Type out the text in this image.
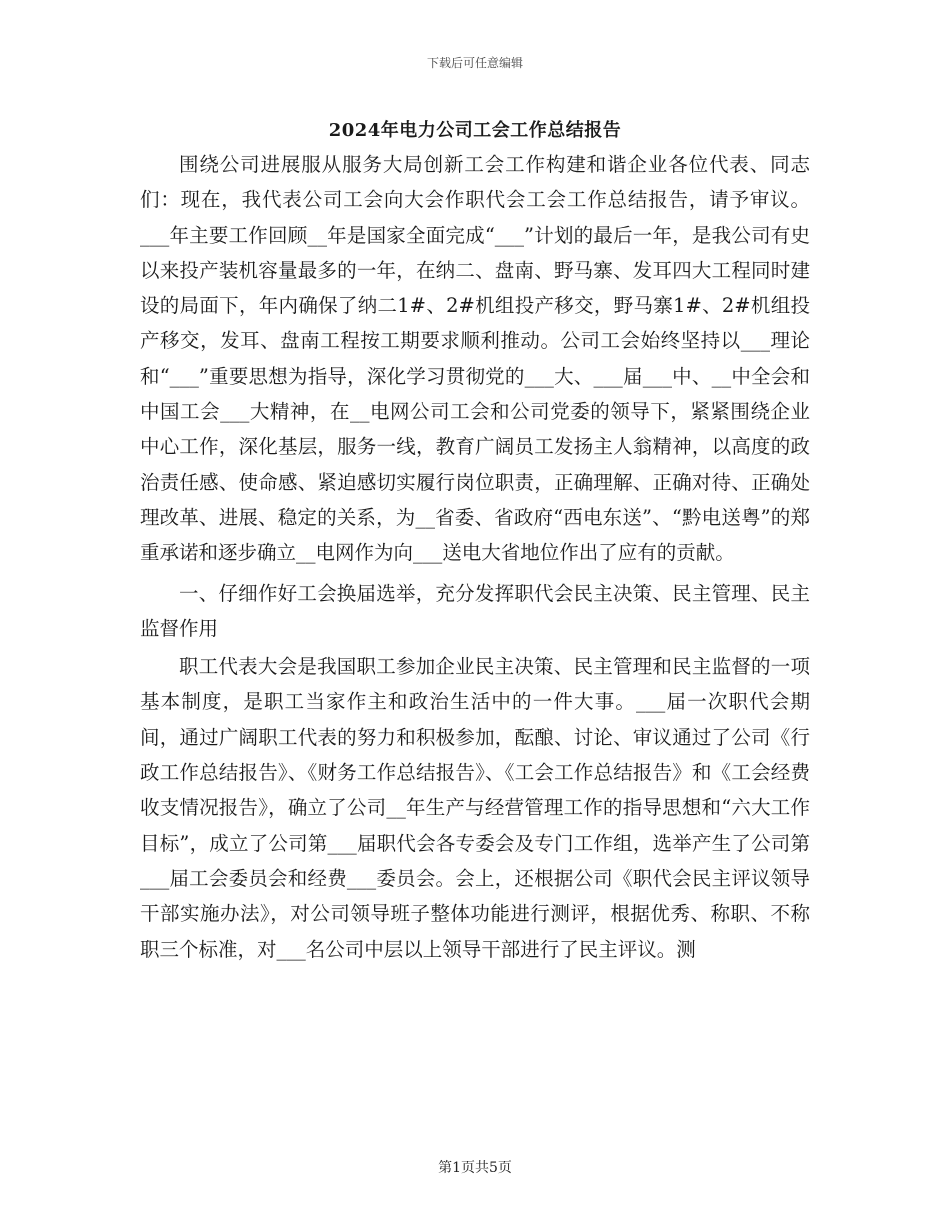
下载后可任意编辑
2024年电力公司工会工作总结报告

围绕公司进展服从服务大局创新工会工作构建和谐企业各位代表、同志们：现在，我代表公司工会向大会作职代会工会工作总结报告，请予审议。___年主要工作回顾__年是国家全面完成“___”计划的最后一年，是我公司有史以来投产装机容量最多的一年，在纳二、盘南、野马寨、发耳四大工程同时建设的局面下，年内确保了纳二1#、2#机组投产移交，野马寨1#、2#机组投产移交，发耳、盘南工程按工期要求顺利推动。公司工会始终坚持以___理论和“___”重要思想为指导，深化学习贯彻党的___大、___届___中、__中全会和中国工会___大精神，在__电网公司工会和公司党委的领导下，紧紧围绕企业中心工作，深化基层，服务一线，教育广阔员工发扬主人翁精神，以高度的政治责任感、使命感、紧迫感切实履行岗位职责，正确理解、正确对待、正确处理改革、进展、稳定的关系，为__省委、省政府“西电东送”、“黔电送粤”的郑重承诺和逐步确立__电网作为向___送电大省地位作出了应有的贡献。

一、仔细作好工会换届选举，充分发挥职代会民主决策、民主管理、民主监督作用

职工代表大会是我国职工参加企业民主决策、民主管理和民主监督的一项基本制度，是职工当家作主和政治生活中的一件大事。___届一次职代会期间，通过广阔职工代表的努力和积极参加，酝酿、讨论、审议通过了公司《行政工作总结报告》、《财务工作总结报告》、《工会工作总结报告》和《工会经费收支情况报告》，确立了公司__年生产与经营管理工作的指导思想和“六大工作目标”，成立了公司第___届职代会各专委会及专门工作组，选举产生了公司第___届工会委员会和经费___委员会。会上，还根据公司《职代会民主评议领导干部实施办法》，对公司领导班子整体功能进行测评，根据优秀、称职、不称职三个标准，对___名公司中层以上领导干部进行了民主评议。测

第1页共5页
